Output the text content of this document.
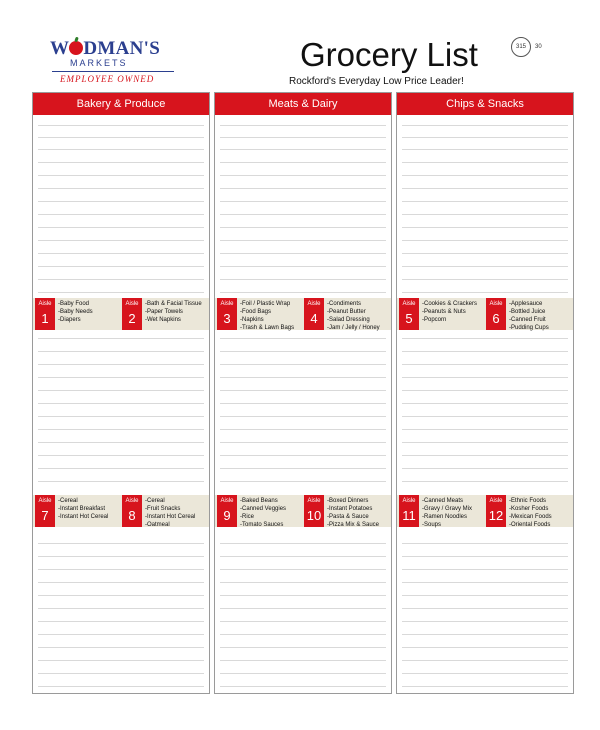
W DMAN'S
MARKETS
EMPLOYEE OWNED
Grocery List
Rockford's Everyday Low Price Leader!
315	30
Bakery & Produce
Aisle
1
-Baby Food
-Baby Needs
-Diapers
Aisle
2
-Bath & Facial Tissue
-Paper Towels
-Wet Napkins
Aisle
7
-Cereal
-Instant Breakfast
-Instant Hot Cereal
Aisle
8
-Cereal
-Fruit Snacks
-Instant Hot Cereal
-Oatmeal
Meats & Dairy
Aisle
3
-Foil / Plastic Wrap
-Food Bags
-Napkins
-Trash & Lawn Bags
Aisle
4
-Condiments
-Peanut Butter
-Salad Dressing
-Jam / Jelly / Honey
Aisle
9
-Baked Beans
-Canned Veggies
-Rice
-Tomato Sauces
Aisle
10
-Boxed Dinners
-Instant Potatoes
-Pasta & Sauce
-Pizza Mix & Sauce
Chips & Snacks
Aisle
5
-Cookies & Crackers
-Peanuts & Nuts
-Popcorn
Aisle
6
-Applesauce
-Bottled Juice
-Canned Fruit
-Pudding Cups
Aisle
11
-Canned Meats
-Gravy / Gravy Mix
-Ramen Noodles
-Soups
Aisle
12
-Ethnic Foods
-Kosher Foods
-Mexican Foods
-Oriental Foods
